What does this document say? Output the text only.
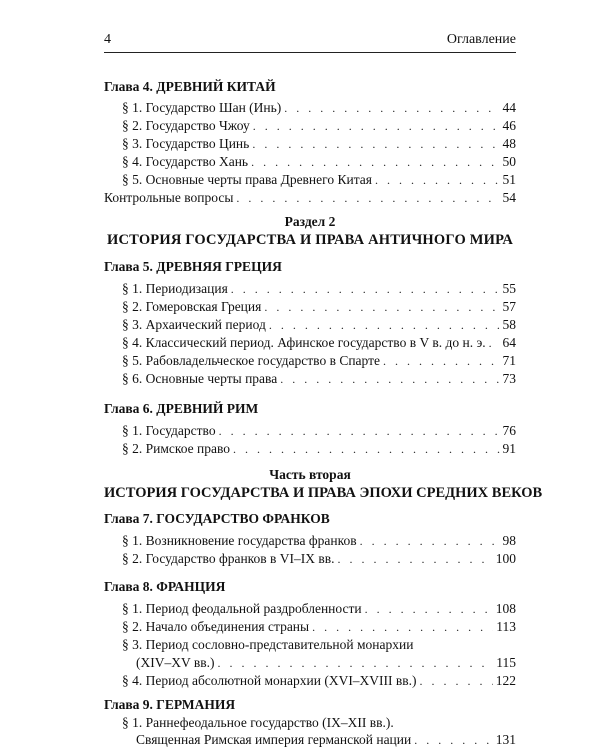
4	Оглавление
Глава 4. ДРЕВНИЙ КИТАЙ
§ 1. Государство Шан (Инь) . . .	44
§ 2. Государство Чжоу . . .	46
§ 3. Государство Цинь . . .	48
§ 4. Государство Хань . . .	50
§ 5. Основные черты права Древнего Китая . . .	51
Контрольные вопросы . . .	54
Раздел 2
ИСТОРИЯ ГОСУДАРСТВА И ПРАВА АНТИЧНОГО МИРА
Глава 5. ДРЕВНЯЯ ГРЕЦИЯ
§ 1. Периодизация . . .	55
§ 2. Гомеровская Греция . . .	57
§ 3. Архаический период . . .	58
§ 4. Классический период. Афинское государство в V в. до н. э. . . . 64
§ 5. Рабовладельческое государство в Спарте . . .	71
§ 6. Основные черты права . . .	73
Глава 6. ДРЕВНИЙ РИМ
§ 1. Государство . . .	76
§ 2. Римское право . . .	91
Часть вторая
ИСТОРИЯ ГОСУДАРСТВА И ПРАВА ЭПОХИ СРЕДНИХ ВЕКОВ
Глава 7. ГОСУДАРСТВО ФРАНКОВ
§ 1. Возникновение государства франков . . .	98
§ 2. Государство франков в VI–IX вв. . . .	100
Глава 8. ФРАНЦИЯ
§ 1. Период феодальной раздробленности . . .	108
§ 2. Начало объединения страны . . .	113
§ 3. Период сословно-представительной монархии
(XIV–XV вв.) . . .	115
§ 4. Период абсолютной монархии (XVI–XVIII вв.) . . .	122
Глава 9. ГЕРМАНИЯ
§ 1. Раннефеодальное государство (IX–XII вв.).
Священная Римская империя германской нации . . .	131
